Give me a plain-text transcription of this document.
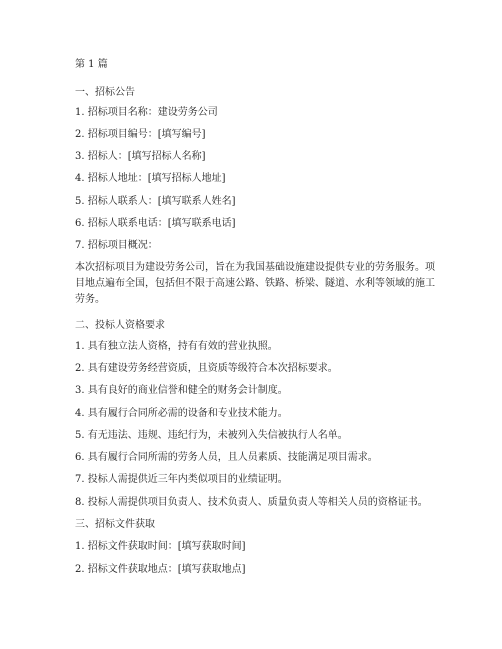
第 1 篇
一、招标公告
1. 招标项目名称：建设劳务公司
2. 招标项目编号：[填写编号]
3. 招标人：[填写招标人名称]
4. 招标人地址：[填写招标人地址]
5. 招标人联系人：[填写联系人姓名]
6. 招标人联系电话：[填写联系电话]
7. 招标项目概况：
本次招标项目为建设劳务公司，旨在为我国基础设施建设提供专业的劳务服务。项
目地点遍布全国，包括但不限于高速公路、铁路、桥梁、隧道、水利等领域的施工
劳务。
二、投标人资格要求
1. 具有独立法人资格，持有有效的营业执照。
2. 具有建设劳务经营资质，且资质等级符合本次招标要求。
3. 具有良好的商业信誉和健全的财务会计制度。
4. 具有履行合同所必需的设备和专业技术能力。
5. 有无违法、违规、违纪行为，未被列入失信被执行人名单。
6. 具有履行合同所需的劳务人员，且人员素质、技能满足项目需求。
7. 投标人需提供近三年内类似项目的业绩证明。
8. 投标人需提供项目负责人、技术负责人、质量负责人等相关人员的资格证书。
三、招标文件获取
1. 招标文件获取时间：[填写获取时间]
2. 招标文件获取地点：[填写获取地点]
